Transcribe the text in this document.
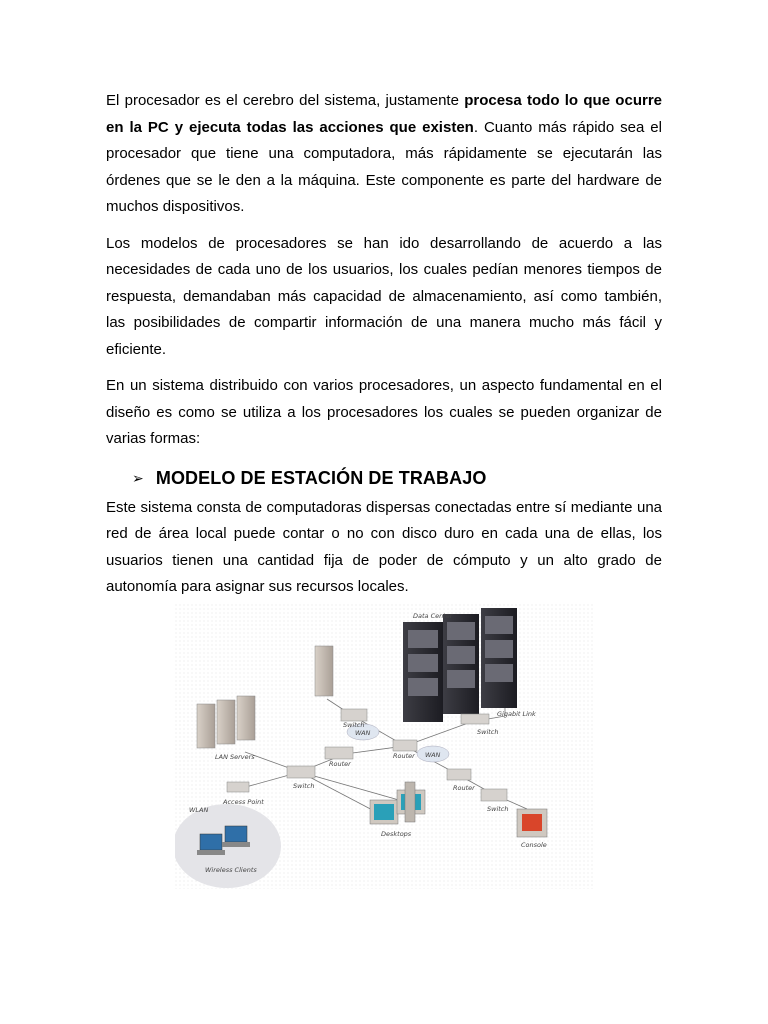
El procesador es el cerebro del sistema, justamente procesa todo lo que ocurre en la PC y ejecuta todas las acciones que existen. Cuanto más rápido sea el procesador que tiene una computadora, más rápidamente se ejecutarán las órdenes que se le den a la máquina. Este componente es parte del hardware de muchos dispositivos.

Los modelos de procesadores se han ido desarrollando de acuerdo a las necesidades de cada uno de los usuarios, los cuales pedían menores tiempos de respuesta, demandaban más capacidad de almacenamiento, así como también, las posibilidades de compartir información de una manera mucho más fácil y eficiente.

En un sistema distribuido con varios procesadores, un aspecto fundamental en el diseño es como se utiliza a los procesadores los cuales se pueden organizar de varias formas:

➢ MODELO DE ESTACIÓN DE TRABAJO

Este sistema consta de computadoras dispersas conectadas entre sí mediante una red de área local puede contar o no con disco duro en cada una de ellas, los usuarios tienen una cantidad fija de poder de cómputo y un alto grado de autonomía para asignar sus recursos locales.

Data Center
Gigabit Link
Switch
Switch
LAN Servers
Router
Router
WAN
WAN
Access Point
Switch
WLAN
Router
Switch
Desktops
Wireless Clients
Console
